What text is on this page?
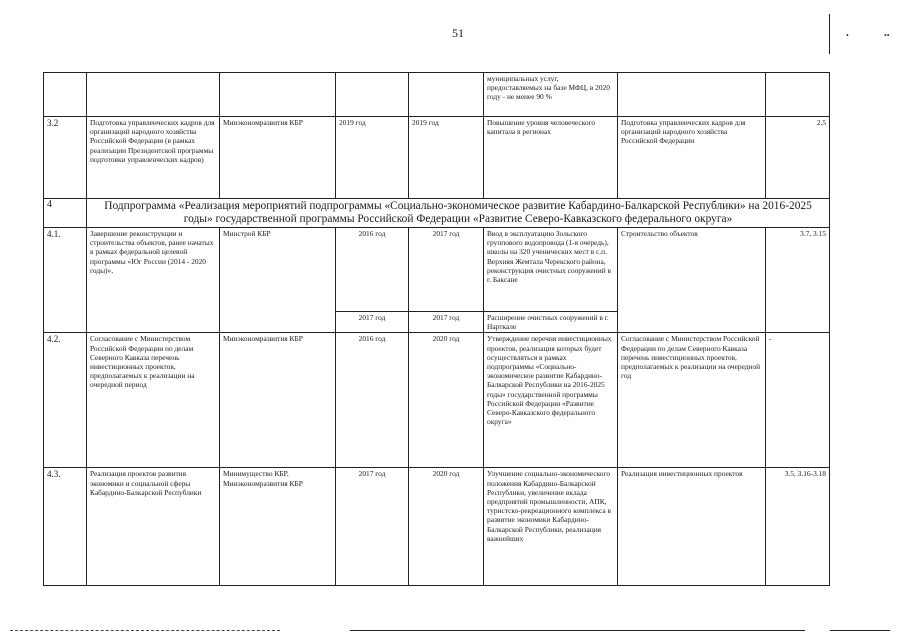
51	•	••
					муниципальных услуг, предоставляемых на базе МФЦ, в 2020 году - не менее 90 %		
3.2	Подготовка управленческих кадров для организаций народного хозяйства Российской Федерации (в рамках реализации Президентской программы подготовки управленческих кадров)	Минэкономразвития КБР	2019 год	2019 год	Повышение уровня человеческого капитала в регионах	Подготовка управленческих кадров для организаций народного хозяйства Российской Федерации	2.5
4	Подпрограмма «Реализация мероприятий подпрограммы «Социально-экономическое развитие Кабардино-Балкарской Республики» на 2016-2025 годы» государственной программы Российской Федерации «Развитие Северо-Кавказского федерального округа»						
4.1.	Завершение реконструкции и строительства объектов, ранее начатых в рамках федеральной целевой программы «Юг России (2014 - 2020 годы)»,	Минстрой КБР	2016 год	2017 год	Ввод в эксплуатацию Зольского группового водопровода (1-я очередь), школы на 320 ученических мест в с.п. Верхняя Жемтала Черекского района, реконструкция очистных сооружений в г. Баксане	Строительство объектов	3.7, 3.15
			2017 год	2017 год	Расширение очистных сооружений в г. Нарткале		
4.2.	Согласование с Министерством Российской Федерации по делам Северного Кавказа перечень инвестиционных проектов, предполагаемых к реализации на очередной период	Минэкономразвития КБР	2016 год	2020 год	Утверждение перечня инвестиционных проектов, реализация которых будет осуществляться в рамках подпрограммы «Социально-экономическое развитие Кабардино-Балкарской Республики на 2016-2025 годы» государственной программы Российской Федерации «Развитие Северо-Кавказского федерального округа»	Согласование с Министерством Российской Федерации по делам Северного Кавказа перечень инвестиционных проектов, предполагаемых к реализации на очередной год	-
4.3.	Реализация проектов развития экономики и социальной сферы Кабардино-Балкарской Республики	Минимущество КБР, Минэкономразвития КБР	2017 год	2020 год	Улучшение социально-экономического положения Кабардино-Балкарской Республики, увеличение вклада предприятий промышленности, АПК, туристско-рекреационного комплекса в развитие экономики Кабардино-Балкарской Республики, реализация важнейших	Реализация инвестиционных проектов	3.5, 3.16-3.18
